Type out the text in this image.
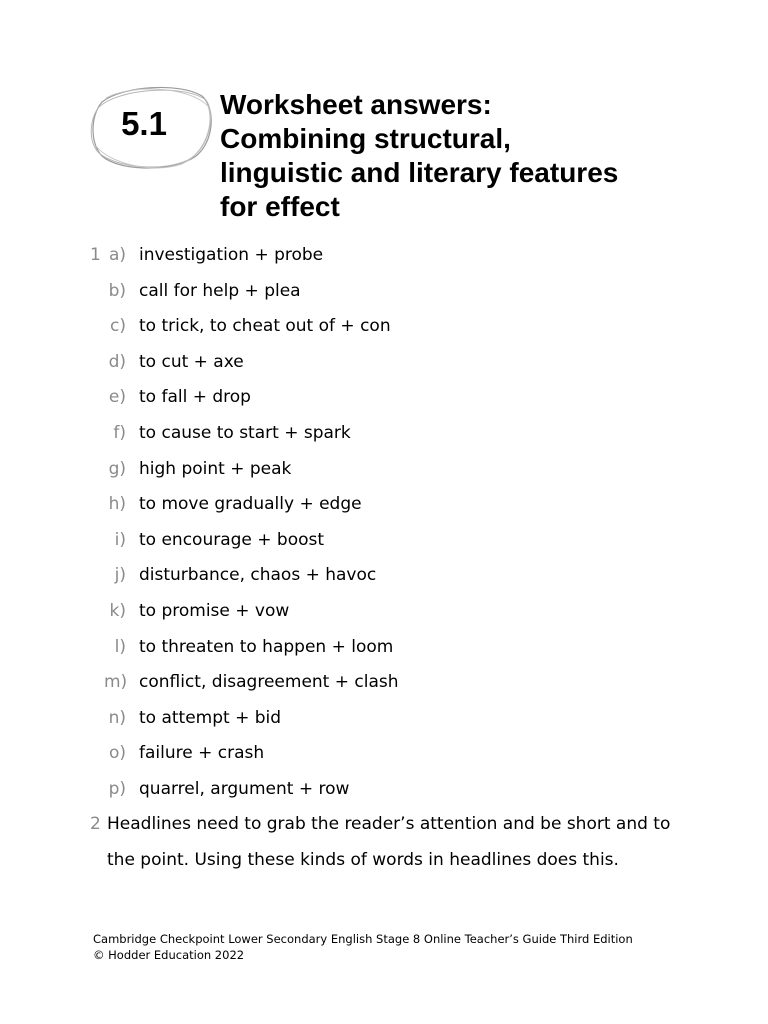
5.1
Worksheet answers:
Combining structural,
linguistic and literary features
for effect
1 a) investigation + probe
b) call for help + plea
c) to trick, to cheat out of + con
d) to cut + axe
e) to fall + drop
f) to cause to start + spark
g) high point + peak
h) to move gradually + edge
i) to encourage + boost
j) disturbance, chaos + havoc
k) to promise + vow
l) to threaten to happen + loom
m) conflict, disagreement + clash
n) to attempt + bid
o) failure + crash
p) quarrel, argument + row
2 Headlines need to grab the reader’s attention and be short and to
the point. Using these kinds of words in headlines does this.
Cambridge Checkpoint Lower Secondary English Stage 8 Online Teacher’s Guide Third Edition
© Hodder Education 2022
